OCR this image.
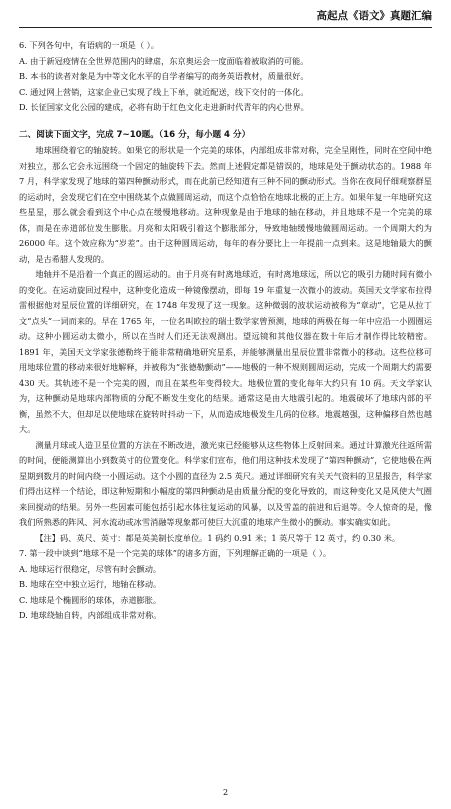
高起点《语文》真题汇编

6. 下列各句中，有语病的一项是（ ）。

A. 由于新冠疫情在全世界范围内的肆虐，东京奥运会一度面临着被取消的可能。

B. 本书的读者对象是为中等文化水平的自学者编写的商务英语教材，质量很好。

C. 通过网上营销，这家企业已实现了线上下单，就近配送，线下交付的一体化。

D. 长征国家文化公园的建成，必将有助于红色文化走进新时代青年的内心世界。

二、阅读下面文字，完成 7~10题。（16 分，每小题 4 分）

地球围绕着它的轴旋转。如果它的形状是一个完美的球体，内部组成非常对称，完全呈刚性，同时在空间中绝对独立，那么它会永远围绕一个固定的轴旋转下去。然而上述假定都是错误的，地球是处于颤动状态的。1988 年 7 月，科学家发现了地球的第四种颤动形式，而在此前已经知道有三种不同的颤动形式。当你在夜间仔细观察群星的运动时，会发现它们在空中围绕某个点做圆周运动，而这个点恰恰在地球北极的正上方。如果年复一年地研究这些星星，那么就会看到这个中心点在缓慢地移动。这种现象是由于地球的轴在移动，并且地球不是一个完美的球体，而是在赤道部位发生膨胀。月亮和太阳吸引着这个膨胀部分，导致地轴缓慢地做圆周运动。一个周期大约为 26000 年。这个效应称为“岁差”。由于这种圆周运动，每年的春分要比上一年提前一点到来。这是地轴最大的颤动，是古希腊人发现的。

地轴并不是沿着一个真正的圆运动的。由于月亮有时离地球近，有时离地球远，所以它的吸引力随时间有微小的变化。在运动旋回过程中，这种变化造成一种镜像摆动，即每 19 年重复一次微小的波动。英国天文学家布拉得雷根据他对星辰位置的详细研究，在 1748 年发现了这一现象。这种微弱的波状运动被称为“章动”，它是从拉丁文“点头”一词而来的。早在 1765 年，一位名叫欧拉的瑞士数学家曾预测，地球的两极在每一年中应沿一小圆圈运动。这种小圆运动太微小，所以在当时人们还无法观测出。望远镜和其他仪器在数十年后才制作得比较精密。1891 年，美国天文学家张德勒终于能非常精确地研究星系，并能够测量出星辰位置非常微小的移动。这些位移可用地球位置的移动来很好地解释，并被称为“张德勒颤动”——地极的一种不规则圆周运动，完成一个周期大约需要 430 天。其轨迹不是一个完美的圆，而且在某些年变得较大。地极位置的变化每年大约只有 10 码。天文学家认为，这种颤动是地球内部物质的分配不断发生变化的结果。通常这是由大地震引起的。地震破坏了地球内部的平衡，虽然不大，但却足以使地球在旋转时抖动一下，从而造成地极发生几码的位移。地震越强，这种偏移自然也越大。

测量月球或人造卫星位置的方法在不断改进，激光束已经能够从这些物体上反射回来。通过计算激光往返所需的时间，便能测算出小到数英寸的位置变化。科学家们宣布，他们用这种技术发现了“第四种颤动”，它使地极在两星期到数月的时间内绕一小圆运动。这个小圆的直径为 2.5 英尺。通过详细研究有关天气资料的卫星报告，科学家们得出这样一个结论，即这种短期和小幅度的第四种颤动是由质量分配的变化导致的，而这种变化又是风使大气圈来回搅动的结果。另外一些因素可能包括引起水体往复运动的风暴，以及雪盖的前进和后退等。令人惊奇的是，像我们所熟悉的阵风、河水流动或冰雪消融等现象都可使巨大沉重的地球产生微小的颤动。事实确实如此。

【注】码、英尺、英寸：都是英美制长度单位。1 码约 0.91 米；1 英尺等于 12 英寸，约 0.30 米。

7. 第一段中谈到“地球不是一个完美的球体”的诸多方面，下列理解正确的一项是（ ）。

A. 地球运行很稳定，尽管有时会颤动。

B. 地球在空中独立运行，地轴在移动。

C. 地球是个椭圆形的球体，赤道膨胀。

D. 地球绕轴自转，内部组成非常对称。

2
